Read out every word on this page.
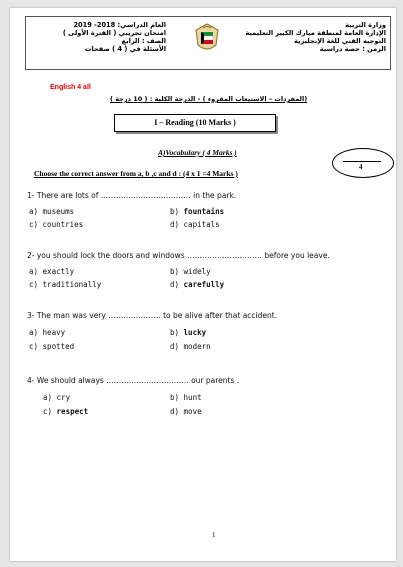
وزارة التربية
الإدارة العامة لمنطقة مبارك الكبير التعليمية
التوجيه الفني للغة الإنجليزية
الزمن : حصة دراسية
العام الدراسي: 2018- 2019
امتحان تجريبي ( الفترة الأولى )
الصف : الرابع
الأسئلة في ( 4 ) صفحات
English 4 all
(المفردات – الاستيعاب المقروء ) - الدرجة الكلية : ( 10 درجة )
I – Reading (10 Marks )
4
A)Vocabulary ( 4 Marks )
Choose the correct answer from a, b ,c and d : (4 x 1 =4 Marks )
1- There are lots of ……………………………… in the park.
a) museums	b) fountains
c) countries	d) capitals
2- you should lock the doors and windows ………………………… before you leave.
a) exactly	b) widely
c) traditionally	d) carefully
3- The man was very ………………… to be alive after that accident.
a) heavy	b) lucky
c) spotted	d) modern
4- We should always …………………………… our parents .
a) cry	b) hunt
c) respect	d) move
1
